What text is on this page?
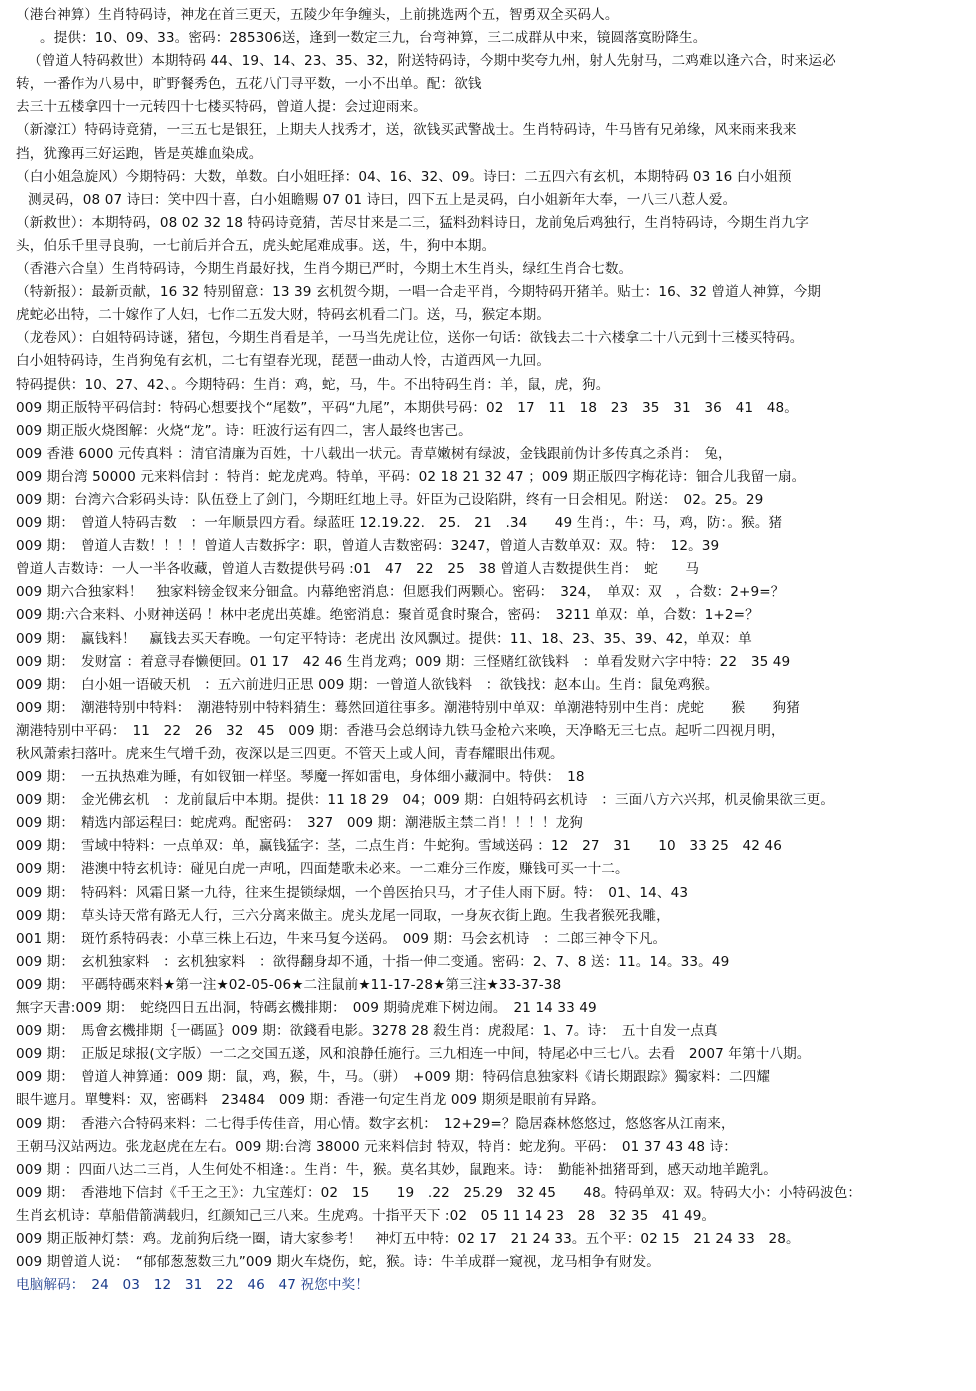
（港台神算）生肖特码诗，神龙在首三更天，五陵少年争缠头，上前挑选两个五，智勇双全买码人。
。提供：10、09、33。密码：285306送，逢到一数定三九，台弯神算，三二成群从中来，镜圆落寞盼降生。
（曾道人特码救世）本期特码 44、19、14、23、35、32，附送特码诗，今期中奖夸九州，射人先射马，二鸡难以逢六合，时来运必
转，一番作为八易中，旷野餐秀色，五花八门寻平数，一小不出单。配：欲钱
去三十五楼拿四十一元转四十七楼买特码，曾道人提：会过迎雨来。
（新濠江）特码诗竟猜，一三五七是银狂，上期夫人找秀才，送，欲钱买武警战士。生肖特码诗，牛马皆有兄弟缘，风来雨来我来
挡，犹豫再三好运跑，皆是英雄血染成。
（白小姐急旋风）今期特码：大数，单数。白小姐旺择：04、16、32、09。诗曰：二五四六有玄机，本期特码 03 16 白小姐预
测灵码，08 07 诗曰：笑中四十喜，白小姐瞻赐 07 01 诗曰，四下五上是灵码，白小姐新年大奉，一八三八惹人爱。
（新救世）：本期特码，08 02 32 18 特码诗竟猜，苦尽甘来是二三，猛料劲料诗日，龙前兔后鸡独行，生肖特码诗，今期生肖九字
头，伯乐千里寻良驹，一七前后并合五，虎头蛇尾难成事。送，牛，狗中本期。
（香港六合皇）生肖特码诗，今期生肖最好找，生肖今期已严时，今期土木生肖头，绿红生肖合七数。
（特新报）：最新贡献，16 32 特别留意：13 39 玄机贺今期，一唱一合走平肖，今期特码开猪羊。贴士：16、32 曾道人神算，今期
虎蛇必出特，二十嫁作了人妇，七作二五发大财，特码玄机看二门。送，马，猴定本期。
（龙卷风）：白姐特码诗谜，猪包，今期生肖看是羊，一马当先虎让位，送你一句话：欲钱去二十六楼拿二十八元到十三楼买特码。
白小姐特码诗，生肖狗兔有玄机，二七有望春光现，琵琶一曲动人怜，古道西风一九回。
特码提供：10、27、42、。今期特码：生肖：鸡，蛇，马，牛。不出特码生肖：羊，鼠，虎，狗。
009 期正版特平码信封：特码心想要找个“尾数”，平码“九尾”，本期供号码：02　17　11　18　23　35　31　36　41　48。
009 期正版火烧图解：火烧“龙”。诗：旺波行运有四二，害人最终也害己。
009 香港 6000 元传真料 ：清官清廉为百姓，十八载出一状元。青草嫩树有绿波，金钱跟前伪计多传真之杀肖：　兔，
009 期台湾 50000 元来料信封 ：特肖：蛇龙虎鸡。特单，平码：02 18 21 32 47 ；009 期正版四字梅花诗：钿合儿我留一扇。
009 期：台湾六合彩码头诗：队伍登上了剑门，今期旺红地上寻。奸臣为己设陷阱，终有一日会相见。附送：　02。25。29
009 期：　曾道人特码吉数　：一年顺景四方看。绿蓝旺 12.19.22.　25.　21　.34　　49 生肖：，牛：马，鸡，防：。猴。猪
009 期：　曾道人吉数！！！！曾道人吉数拆字：职，曾道人吉数密码：3247，曾道人吉数单双：双。特：　12。39
曾道人吉数诗：一人一半各收藏，曾道人吉数提供号码 :01　47　22　25　38 曾道人吉数提供生肖：　蛇　　马
009 期六合独家料！　独家料镑金钗来分钿盒。内幕绝密消息：但愿我们两颗心。密码：　324，　单双：双　，合数：2+9=？
009 期:六合来料、小财神送码 ！林中老虎出英雄。绝密消息：聚首觅食时聚合，密码：　3211 单双：单，合数：1+2=？
009 期：　赢钱料！　赢钱去买天春晚。一句定平特诗：老虎出 汝风飘过。提供：11、18、23、35、39、42，单双：单
009 期：　发财富 ：着意寻春懒便回。01 17　42 46 生肖龙鸡；009 期：三怪赌红欲钱料　：单看发财六字中特：22　35 49
009 期：　白小姐一语破天机　：五六前进归正思 009 期：一曾道人欲钱料　：欲钱找：赵本山。生肖：鼠兔鸡猴。
009 期：　潮港特别中特料：　潮港特别中特料猜生：蓦然回道往事多。潮港特别中单双：单潮港特别中生肖：虎蛇　　猴　　狗猪
潮港特别中平码：　11　22　26　32　45　009 期：香港马会总纲诗九铁马金枪六来唤，天净略无三七点。起听二四视月明，
秋风萧索扫落叶。虎来生气增千劲，夜深以是三四更。不管天上或人间，青春耀眼出伟观。
009 期：　一五执热难为睡，有如钗钿一样坚。琴魔一挥如雷电，身体细小藏洞中。特供：　18
009 期：　金光佛玄机　：龙前鼠后中本期。提供：11 18 29　04；009 期：白姐特码玄机诗　：三面八方六兴邦，机灵偷果欲三更。
009 期：　精选内部运程曰：蛇虎鸡。配密码：　327　009 期：潮港版主禁二肖！！！！龙狗
009 期：　雪域中特料：一点单双：单，赢钱猛字：茎，二点生肖：牛蛇狗。雪域送码 ：12　27　31　　10　33 25　42 46
009 期：　港澳中特玄机诗：碰见白虎一声吼，四面楚歌未必来。一二难分三作废，赚钱可买一十二。
009 期：　特码料：风霜日紧一九待，往来生提锁绿烟，一个兽医抬只马，才子佳人雨下厨。特：　01、14、43
009 期：　草头诗天常有路无人行，三六分离来做主。虎头龙尾一同取，一身灰衣街上跑。生我者猴死我雕，
001 期：　斑竹系特码表：小草三株上石边，牛来马复今送码。　009 期：马会玄机诗　：二郎三神令下凡。
009 期：　玄机独家料　：玄机独家料　：欲得翻身却不通，十指一伸二变通。密码：2、7、8 送：11。14。33。49
009 期：　平碼特碼來料★第一注★02-05-06★二注鼠前★11-17-28★第三注★33-37-38
無字天書:009 期：　蛇绕四日五出洞，特碼玄機排期：　009 期骑虎难下树边闹。　21 14 33 49
009 期：　馬會玄機排期｛一碼區｝009 期：欲錢看电影。3278 28 殺生肖：虎殺尾：1、7。诗：　五十自发一点真
009 期：　正版足球报(文字版）一二之交国五遂，风和浪静任施行。三九相连一中间，特尾必中三七八。去看　2007 年第十八期。
009 期：　曾道人神算通：009 期：鼠，鸡，猴，牛，马。（骈）　+009 期：特码信息独家料《请长期跟踪》獨家料：二四耀
眼牛遮月。單雙料：双，密碼料　23484　009 期：香港一句定生肖龙 009 期须是眼前有异路。
009 期：　香港六合特码来料：二七得手传佳音，用心情。数字玄机：　12+29=？隐居森林悠悠过，悠悠客从江南来，
王朝马汉站两边。张龙赵虎在左右。009 期:台湾 38000 元来料信封 特双，特肖：蛇龙狗。平码：　01 37 43 48 诗：
009 期 ：四面八达二三肖，人生何处不相逢：。生肖：牛，猴。莫名其妙，鼠跑来。诗：　勤能补拙猪哥到，感天动地羊跪乳。
009 期：　香港地下信封《千王之王》：九宝莲灯：02　15　　19　.22　25.29　32 45　　48。特码单双：双。特码大小：小特码波色：
生肖玄机诗：草船借箭满载归，红颜知己三八来。生虎鸡。十指平天下 :02　05 11 14 23　28　32 35　41 49。
009 期正版神灯禁：鸡。龙前狗后绕一圈，请大家参考！　神灯五中特：02 17　21 24 33。五个平：02 15　21 24 33　28。
009 期曾道人说：　“郁郁葱葱数三九”009 期火车烧伤，蛇，猴。诗：牛羊成群一窥视，龙马相争有财发。
电脑解码：　24　03　12　31　22　46　47 祝您中奖！
